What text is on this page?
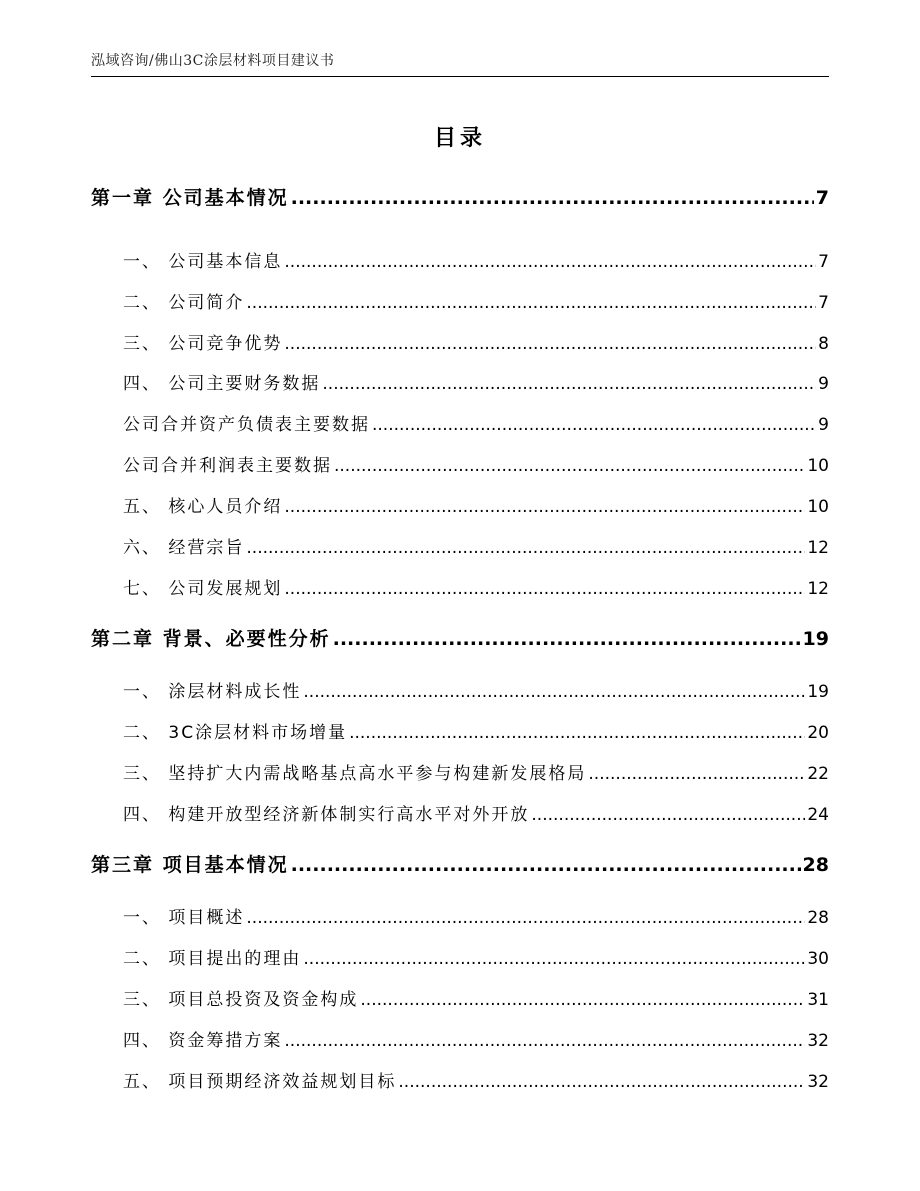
泓域咨询/佛山3C涂层材料项目建议书
目录
第一章 公司基本情况 .....	7
一、 公司基本信息 .....	7
二、 公司简介 .....	7
三、 公司竞争优势 .....	8
四、 公司主要财务数据 .....	9
公司合并资产负债表主要数据 .....	9
公司合并利润表主要数据 .....	10
五、 核心人员介绍 .....	10
六、 经营宗旨 .....	12
七、 公司发展规划 .....	12
第二章 背景、必要性分析 .....	19
一、 涂层材料成长性 .....	19
二、 3C涂层材料市场增量 .....	20
三、 坚持扩大内需战略基点高水平参与构建新发展格局 .....	22
四、 构建开放型经济新体制实行高水平对外开放 .....	24
第三章 项目基本情况 .....	28
一、 项目概述 .....	28
二、 项目提出的理由 .....	30
三、 项目总投资及资金构成 .....	31
四、 资金筹措方案 .....	32
五、 项目预期经济效益规划目标 .....	32
